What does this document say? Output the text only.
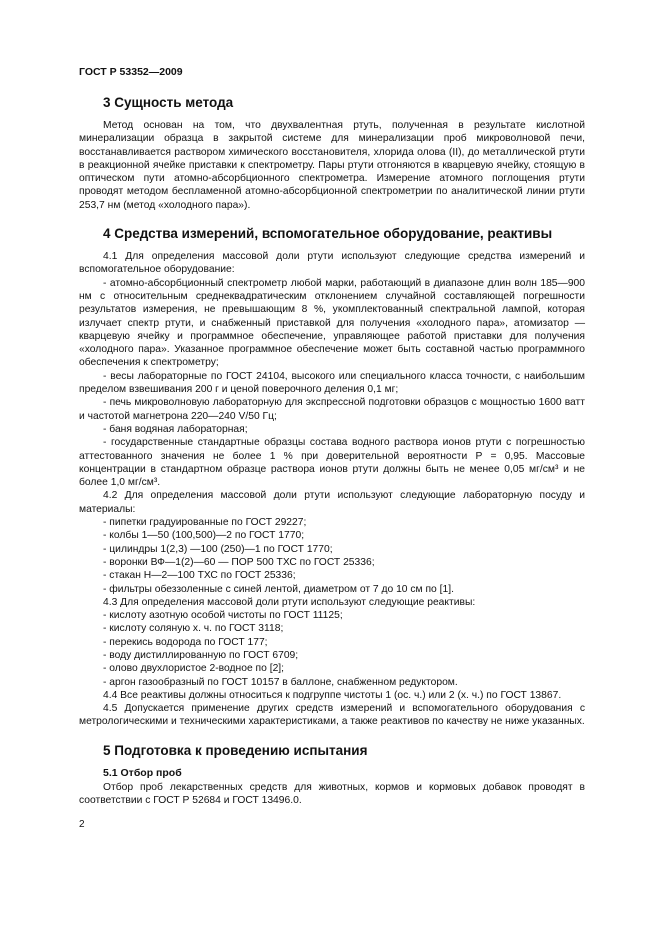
ГОСТ Р 53352—2009
3 Сущность метода

Метод основан на том, что двухвалентная ртуть, полученная в результате кислотной минерализации образца в закрытой системе для минерализации проб микроволновой печи, восстанавливается раствором химического восстановителя, хлорида олова (II), до металлической ртути в реакционной ячейке приставки к спектрометру. Пары ртути отгоняются в кварцевую ячейку, стоящую в оптическом пути атомно-абсорбционного спектрометра. Измерение атомного поглощения ртути проводят методом беспламенной атомно-абсорбционной спектрометрии по аналитической линии ртути 253,7 нм (метод «холодного пара»).

4 Средства измерений, вспомогательное оборудование, реактивы

4.1 Для определения массовой доли ртути используют следующие средства измерений и вспомогательное оборудование:

- атомно-абсорбционный спектрометр любой марки, работающий в диапазоне длин волн 185—900 нм с относительным среднеквадратическим отклонением случайной составляющей погрешности результатов измерения, не превышающим 8 %, укомплектованный спектральной лампой, которая излучает спектр ртути, и снабженный приставкой для получения «холодного пара», атомизатор — кварцевую ячейку и программное обеспечение, управляющее работой приставки для получения «холодного пара». Указанное программное обеспечение может быть составной частью программного обеспечения к спектрометру;

- весы лабораторные по ГОСТ 24104, высокого или специального класса точности, с наибольшим пределом взвешивания 200 г и ценой поверочного деления 0,1 мг;

- печь микроволновую лабораторную для экспрессной подготовки образцов с мощностью 1600 ватт и частотой магнетрона 220—240 V/50 Гц;

- баня водяная лабораторная;

- государственные стандартные образцы состава водного раствора ионов ртути с погрешностью аттестованного значения не более 1 % при доверительной вероятности P = 0,95. Массовые концентрации в стандартном образце раствора ионов ртути должны быть не менее 0,05 мг/см³ и не более 1,0 мг/см³.

4.2 Для определения массовой доли ртути используют следующие лабораторную посуду и материалы:

- пипетки градуированные по ГОСТ 29227;

- колбы 1—50 (100,500)—2 по ГОСТ 1770;

- цилиндры 1(2,3) —100 (250)—1 по ГОСТ 1770;

- воронки ВФ—1(2)—60 — ПОР 500 ТХС по ГОСТ 25336;

- стакан Н—2—100 ТХС по ГОСТ 25336;

- фильтры обеззоленные с синей лентой, диаметром от 7 до 10 см по [1].

4.3 Для определения массовой доли ртути используют следующие реактивы:

- кислоту азотную особой чистоты по ГОСТ 11125;

- кислоту соляную х. ч. по ГОСТ 3118;

- перекись водорода по ГОСТ 177;

- воду дистиллированную по ГОСТ 6709;

- олово двухлористое 2-водное по [2];

- аргон газообразный по ГОСТ 10157 в баллоне, снабженном редуктором.

4.4 Все реактивы должны относиться к подгруппе чистоты 1 (ос. ч.) или 2 (х. ч.) по ГОСТ 13867.

4.5 Допускается применение других средств измерений и вспомогательного оборудования с метрологическими и техническими характеристиками, а также реактивов по качеству не ниже указанных.

5 Подготовка к проведению испытания
5.1 Отбор проб

Отбор проб лекарственных средств для животных, кормов и кормовых добавок проводят в соответствии с ГОСТ Р 52684 и ГОСТ 13496.0.

2
